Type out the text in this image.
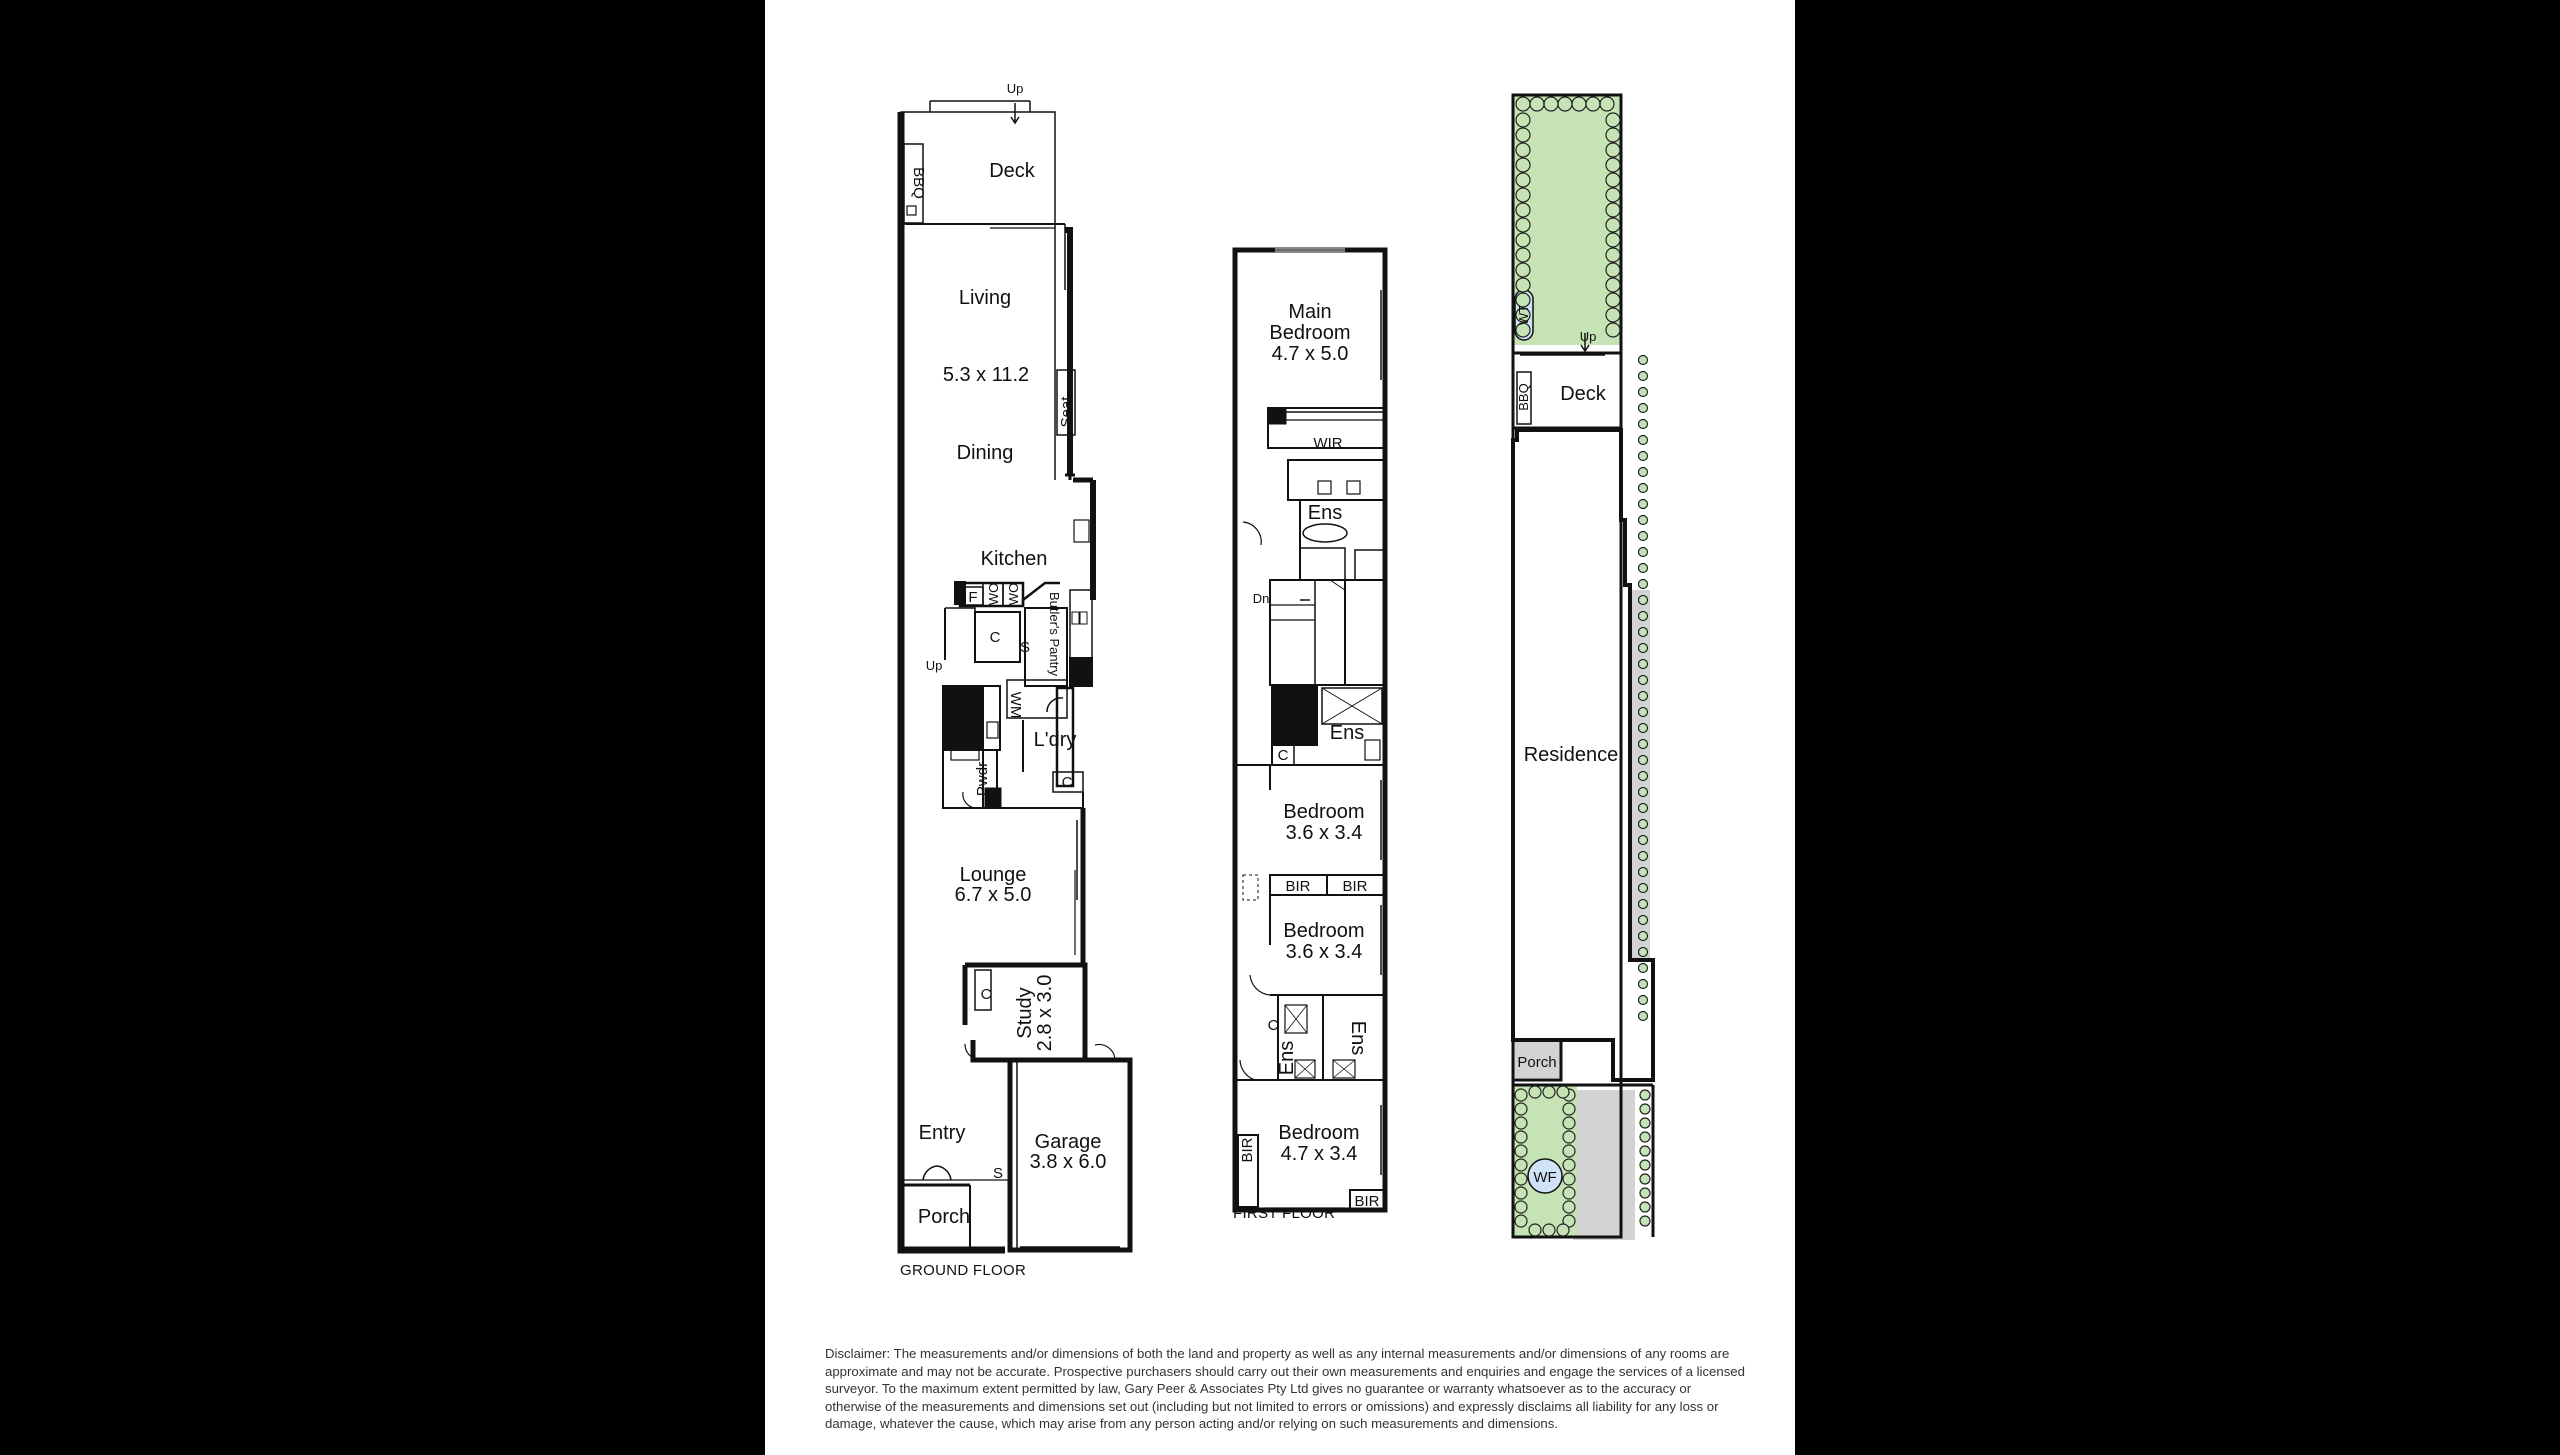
Up
Deck
BBQ
Living
5.3 x 11.2
Dining
Seat
Kitchen
F WO WO
C
S Butler's Pantry
Up
WM
L'dry
C
Pwdr
Lounge
6.7 x 5.0
C Study
2.8 x 3.0
Entry
S
Garage
3.8 x 6.0
Porch
GROUND FLOOR
Main
Bedroom
4.7 x 5.0
WIR
Ens
Dn
Ens
C
Bedroom
3.6 x 3.4
BIR BIR
Bedroom
3.6 x 3.4
C
Ens
Ens
Bedroom
4.7 x 3.4
BIR
BIR
FIRST FLOOR
WT
Up
Deck
BBQ
Residence
Porch
WF
Disclaimer: The measurements and/or dimensions of both the land and property as well as any internal measurements and/or dimensions of any rooms are approximate and may not be accurate. Prospective purchasers should carry out their own measurements and enquiries and engage the services of a licensed surveyor. To the maximum extent permitted by law, Gary Peer & Associates Pty Ltd gives no guarantee or warranty whatsoever as to the accuracy or otherwise of the measurements and dimensions set out (including but not limited to errors or omissions) and expressly disclaims all liability for any loss or damage, whatever the cause, which may arise from any person acting and/or relying on such measurements and dimensions.
